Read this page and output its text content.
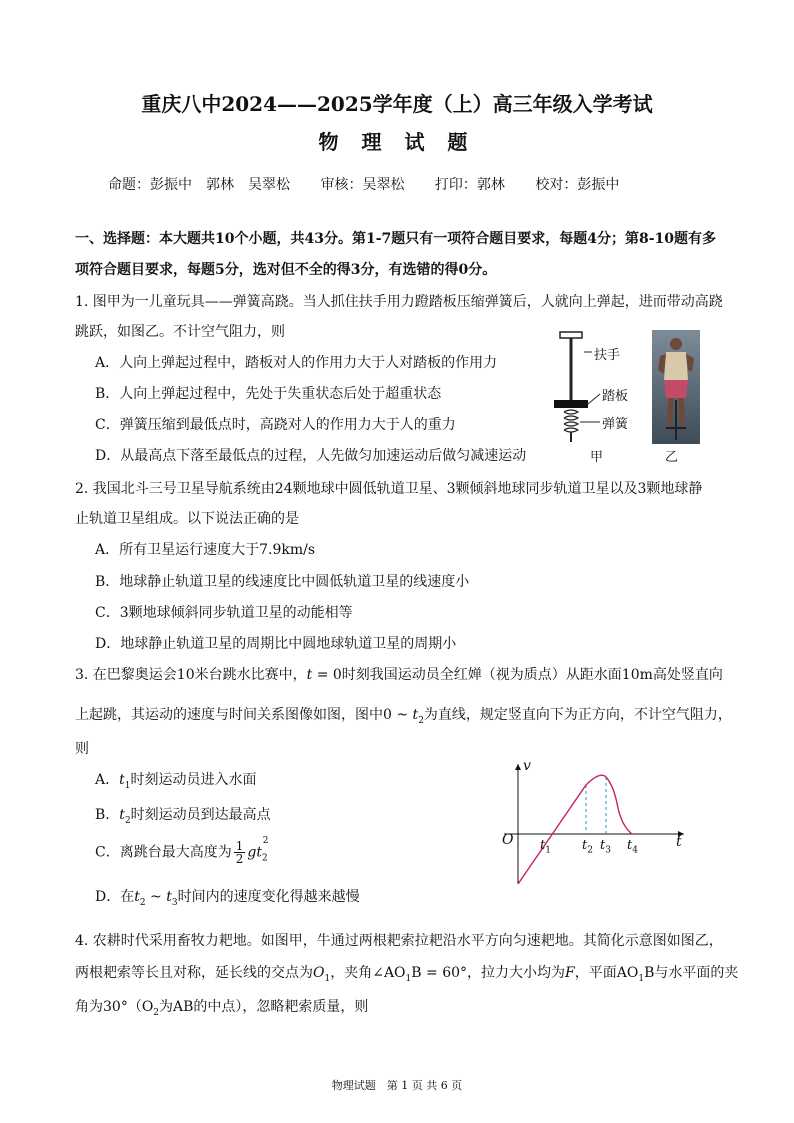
重庆八中2024——2025学年度（上）高三年级入学考试
物 理 试 题
命题：彭振中　郭林　吴翠松 审核：吴翠松 打印：郭林 校对：彭振中
一、选择题：本大题共10个小题，共43分。第1-7题只有一项符合题目要求，每题4分；第8-10题有多
项符合题目要求，每题5分，选对但不全的得3分，有选错的得0分。
1. 图甲为一儿童玩具——弹簧高跷。当人抓住扶手用力蹬踏板压缩弹簧后，人就向上弹起，进而带动高跷
跳跃，如图乙。不计空气阻力，则
A．人向上弹起过程中，踏板对人的作用力大于人对踏板的作用力
B．人向上弹起过程中，先处于失重状态后处于超重状态
C．弹簧压缩到最低点时，高跷对人的作用力大于人的重力
D．从最高点下落至最低点的过程，人先做匀加速运动后做匀减速运动
扶手
踏板
弹簧
甲	乙
2. 我国北斗三号卫星导航系统由24颗地球中圆低轨道卫星、3颗倾斜地球同步轨道卫星以及3颗地球静
止轨道卫星组成。以下说法正确的是
A．所有卫星运行速度大于7.9km/s
B．地球静止轨道卫星的线速度比中圆低轨道卫星的线速度小
C．3颗地球倾斜同步轨道卫星的动能相等
D．地球静止轨道卫星的周期比中圆地球轨道卫星的周期小
3. 在巴黎奥运会10米台跳水比赛中，t = 0时刻我国运动员全红婵（视为质点）从距水面10m高处竖直向
上起跳，其运动的速度与时间关系图像如图，图中0 ~ $t_2$为直线，规定竖直向下为正方向，不计空气阻力，
则
A．$t_1$时刻运动员进入水面
B．$t_2$时刻运动员到达最高点
C．离跳台最大高度为 $\frac{1}{2} gt_2^2$
D．在$t_2$ ~ $t_3$时间内的速度变化得越来越慢
v
O	t
$t_1$ $t_2$ $t_3$ $t_4$
4. 农耕时代采用畜牧力耙地。如图甲，牛通过两根耙索拉耙沿水平方向匀速耙地。其简化示意图如图乙，
两根耙索等长且对称，延长线的交点为$O_1$，夹角$\angle AO_1B = 60^\circ$，拉力大小均为F，平面$AO_1B$与水平面的夹
角为$30^\circ(O_2$为AB的中点），忽略耙索质量，则
物理试题　第 1 页 共 6 页
